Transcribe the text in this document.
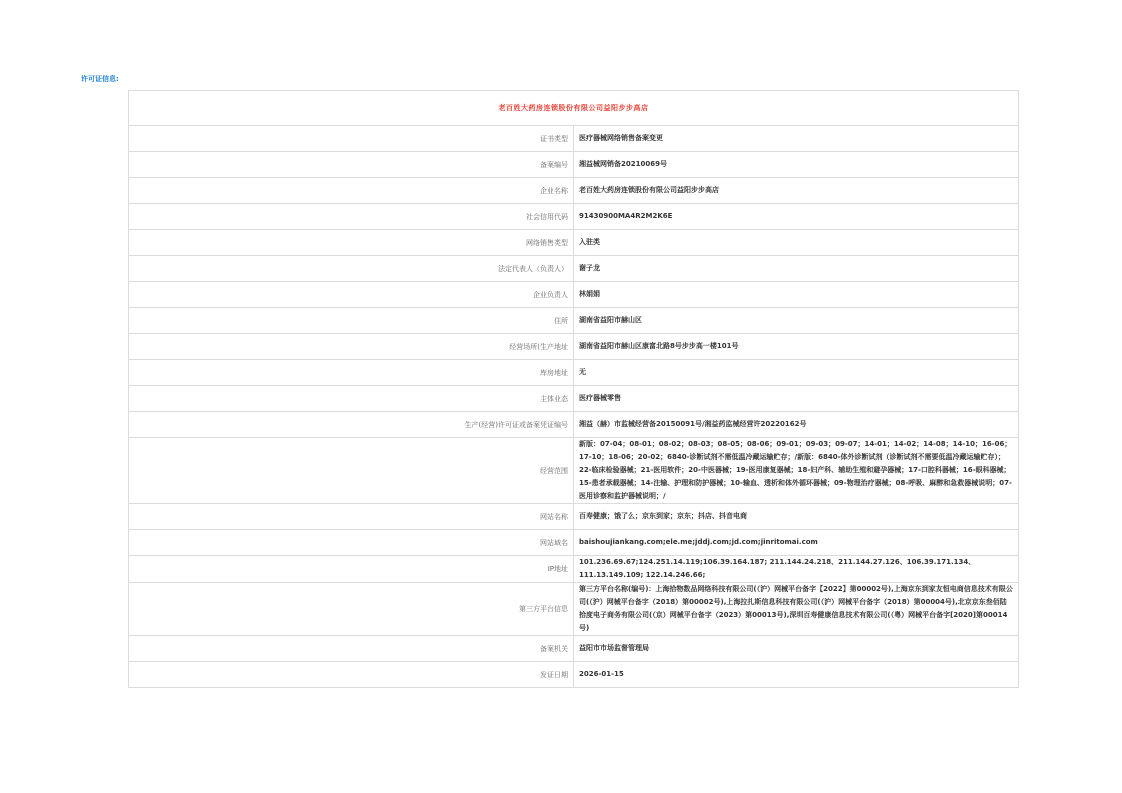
许可证信息:
老百姓大药房连锁股份有限公司益阳步步高店	
证书类型	医疗器械网络销售备案变更
备案编号	湘益械网销备20210069号
企业名称	老百姓大药房连锁股份有限公司益阳步步高店
社会信用代码	91430900MA4R2M2K6E
网络销售类型	入驻类
法定代表人（负责人）	谢子龙
企业负责人	林娟娟
住所	湖南省益阳市赫山区
经营场所(生产地址	湖南省益阳市赫山区康富北路8号步步高一楼101号
库房地址	无
主体业态	医疗器械零售
生产(经营)许可证或备案凭证编号	湘益（赫）市监械经营备20150091号/湘益药监械经营许20220162号
经营范围	新版：07-04；08-01；08-02；08-03；08-05；08-06；09-01；09-03；09-07；14-01；14-02；14-08；14-10；16-06；17-10；18-06；20-02；6840-诊断试剂不需低温冷藏运输贮存；/新版：6840-体外诊断试剂（诊断试剂不需要低温冷藏运输贮存）；22-临床检验器械；21-医用软件；20-中医器械；19-医用康复器械；18-妇产科、辅助生殖和避孕器械；17-口腔科器械；16-眼科器械；15-患者承载器械；14-注输、护理和防护器械；10-输血、透析和体外循环器械；09-物理治疗器械；08-呼吸、麻醉和急救器械说明；07-医用诊察和监护器械说明；/
网站名称	百寿健康；饿了么；京东到家；京东；抖店、抖音电商
网站域名	baishoujiankang.com;ele.me;jddj.com;jd.com;jinritomai.com
IP地址	101.236.69.67;124.251.14.119;106.39.164.187; 211.144.24.218、211.144.27.126、106.39.171.134、111.13.149.109; 122.14.246.66;
第三方平台信息	第三方平台名称(编号)：上海拾物数品网络科技有限公司(（沪）网械平台备字【2022】第00002号),上海京东到家友恒电商信息技术有限公司(（沪）网械平台备字（2018）第00002号),上海拉扎斯信息科技有限公司(（沪）网械平台备字（2018）第00004号),北京京东叁佰陆拾度电子商务有限公司(（京）网械平台备字（2023）第00013号),深圳百寿健康信息技术有限公司(（粤）网械平台备字[2020]第00014号)
备案机关	益阳市市场监督管理局
发证日期	2026-01-15
